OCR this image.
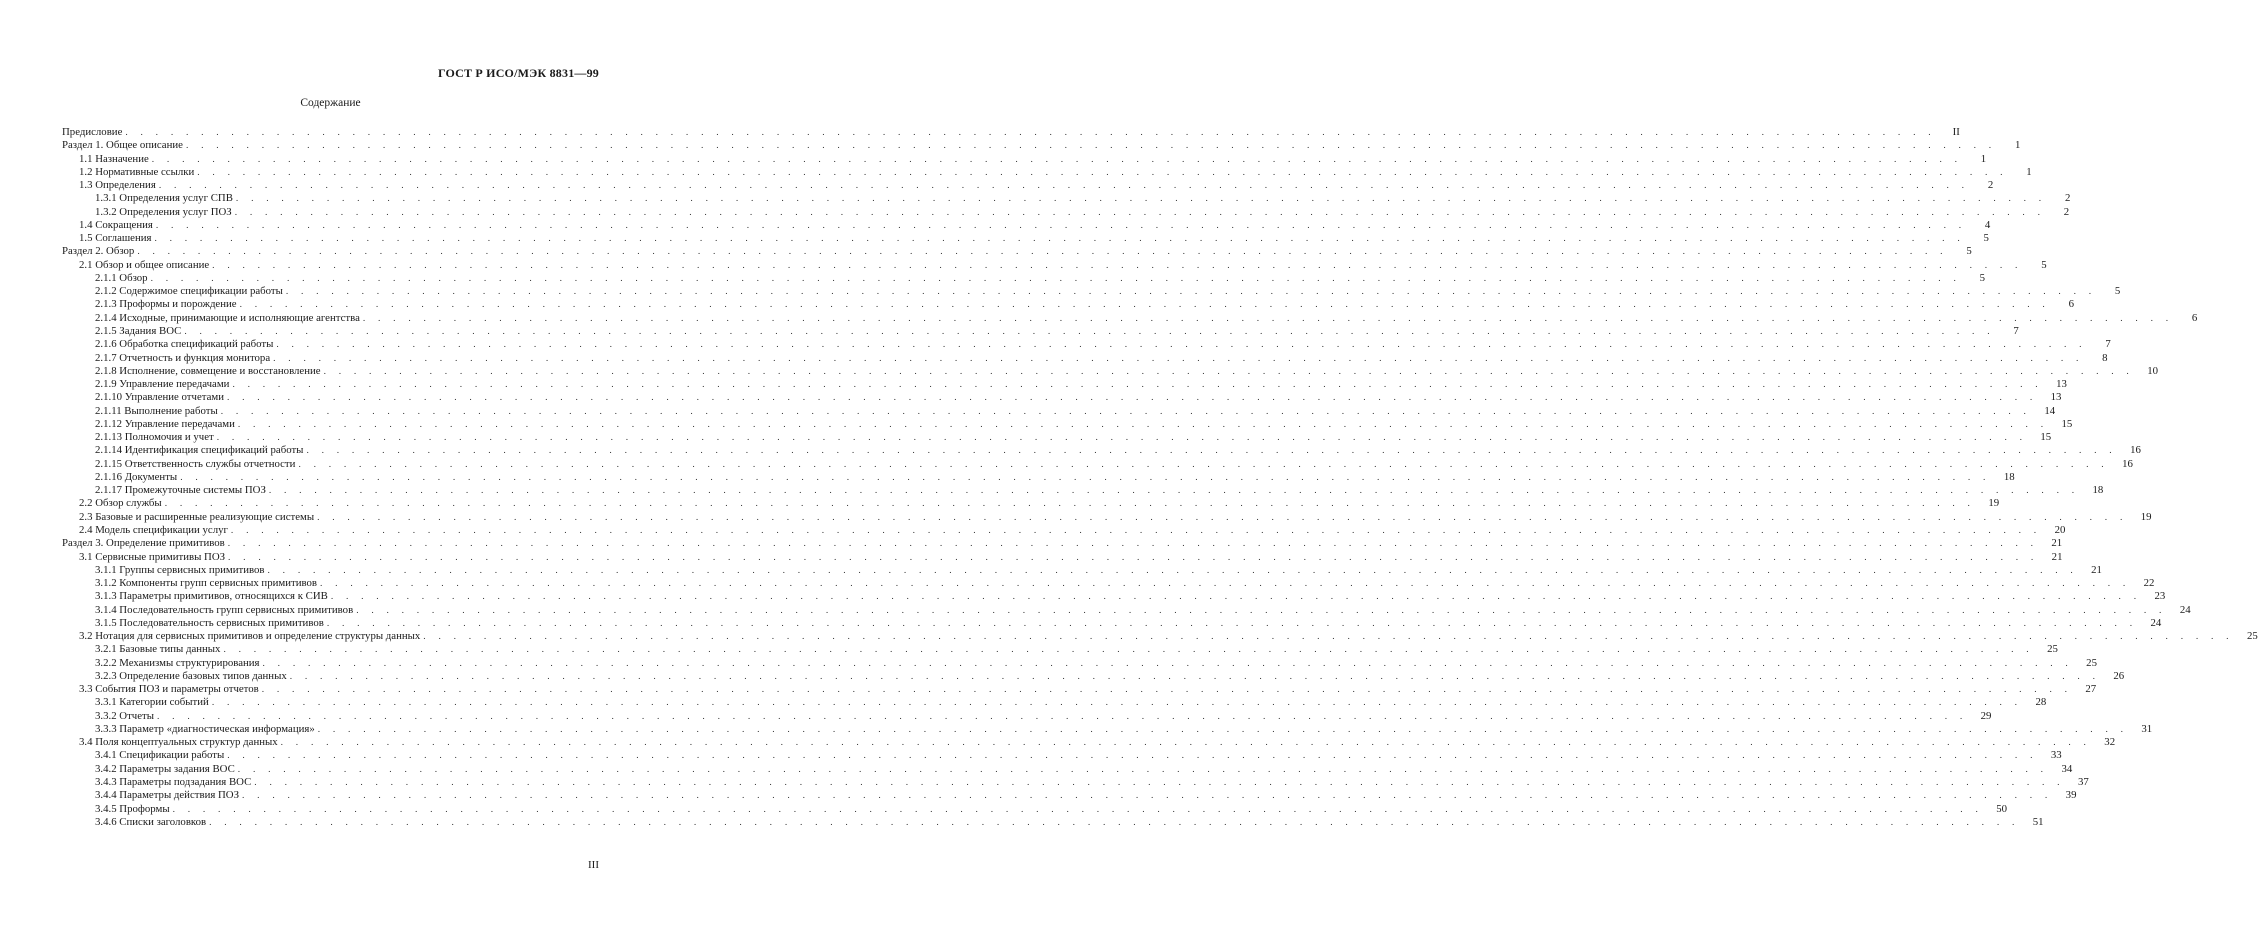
ГОСТ Р ИСО/МЭК 8831—99
Содержание
Предисловие . . . . . . . . . . . . . . . . . . . . . . . . . . . . . . . . . . . . . . . . . . . . . . . . . . . . . . . . . . . . . . . . . . . . . . . . . . . . . . . . . . . . . . . . . . . . . . . . . . . . . . . . . . . . . . . . . . . . . . . .	II
Раздел 1. Общее описание . . . . . . . . . . . . . . . . . . . . . . . . . . . . . . . . . . . . . . . . . . . . . . . . . . . . . . . . . . . . . . . . . . . . . . . . . . . . . . . . . . . . . . . . . . . . . . . . . . . . . . . . . . . . . . . . . . . . . . . .	1
1.1 Назначение . . . . . . . . . . . . . . . . . . . . . . . . . . . . . . . . . . . . . . . . . . . . . . . . . . . . . . . . . . . . . . . . . . . . . . . . . . . . . . . . . . . . . . . . . . . . . . . . . . . . . . . . . . . . . . . . . . . . . . . .	1
1.2 Нормативные ссылки . . . . . . . . . . . . . . . . . . . . . . . . . . . . . . . . . . . . . . . . . . . . . . . . . . . . . . . . . . . . . . . . . . . . . . . . . . . . . . . . . . . . . . . . . . . . . . . . . . . . . . . . . . . . . . . . . . . . . . . .	1
1.3 Определения . . . . . . . . . . . . . . . . . . . . . . . . . . . . . . . . . . . . . . . . . . . . . . . . . . . . . . . . . . . . . . . . . . . . . . . . . . . . . . . . . . . . . . . . . . . . . . . . . . . . . . . . . . . . . . . . . . . . . . . .	2
1.3.1 Определения услуг СПВ . . . . . . . . . . . . . . . . . . . . . . . . . . . . . . . . . . . . . . . . . . . . . . . . . . . . . . . . . . . . . . . . . . . . . . . . . . . . . . . . . . . . . . . . . . . . . . . . . . . . . . . . . . . . . . . . . . . . . . . .	2
1.3.2 Определения услуг ПОЗ . . . . . . . . . . . . . . . . . . . . . . . . . . . . . . . . . . . . . . . . . . . . . . . . . . . . . . . . . . . . . . . . . . . . . . . . . . . . . . . . . . . . . . . . . . . . . . . . . . . . . . . . . . . . . . . . . . . . . . . .	2
1.4 Сокращения . . . . . . . . . . . . . . . . . . . . . . . . . . . . . . . . . . . . . . . . . . . . . . . . . . . . . . . . . . . . . . . . . . . . . . . . . . . . . . . . . . . . . . . . . . . . . . . . . . . . . . . . . . . . . . . . . . . . . . . .	4
1.5 Соглашения . . . . . . . . . . . . . . . . . . . . . . . . . . . . . . . . . . . . . . . . . . . . . . . . . . . . . . . . . . . . . . . . . . . . . . . . . . . . . . . . . . . . . . . . . . . . . . . . . . . . . . . . . . . . . . . . . . . . . . . .	5
Раздел 2. Обзор . . . . . . . . . . . . . . . . . . . . . . . . . . . . . . . . . . . . . . . . . . . . . . . . . . . . . . . . . . . . . . . . . . . . . . . . . . . . . . . . . . . . . . . . . . . . . . . . . . . . . . . . . . . . . . . . . . . . . . . .	5
2.1 Обзор и общее описание . . . . . . . . . . . . . . . . . . . . . . . . . . . . . . . . . . . . . . . . . . . . . . . . . . . . . . . . . . . . . . . . . . . . . . . . . . . . . . . . . . . . . . . . . . . . . . . . . . . . . . . . . . . . . . . . . . . . . . . .	5
2.1.1 Обзор . . . . . . . . . . . . . . . . . . . . . . . . . . . . . . . . . . . . . . . . . . . . . . . . . . . . . . . . . . . . . . . . . . . . . . . . . . . . . . . . . . . . . . . . . . . . . . . . . . . . . . . . . . . . . . . . . . . . . . . .	5
2.1.2 Содержимое спецификации работы . . . . . . . . . . . . . . . . . . . . . . . . . . . . . . . . . . . . . . . . . . . . . . . . . . . . . . . . . . . . . . . . . . . . . . . . . . . . . . . . . . . . . . . . . . . . . . . . . . . . . . . . . . . . . . . . . . . . . . . .	5
2.1.3 Проформы и порождение . . . . . . . . . . . . . . . . . . . . . . . . . . . . . . . . . . . . . . . . . . . . . . . . . . . . . . . . . . . . . . . . . . . . . . . . . . . . . . . . . . . . . . . . . . . . . . . . . . . . . . . . . . . . . . . . . . . . . . . .	6
2.1.4 Исходные, принимающие и исполняющие агентства . . . . . . . . . . . . . . . . . . . . . . . . . . . . . . . . . . . . . . . . . . . . . . . . . . . . . . . . . . . . . . . . . . . . . . . . . . . . . . . . . . . . . . . . . . . . . . . . . . . . . . . . . . . . . . . . . . . . . . . .	6
2.1.5 Задания ВОС . . . . . . . . . . . . . . . . . . . . . . . . . . . . . . . . . . . . . . . . . . . . . . . . . . . . . . . . . . . . . . . . . . . . . . . . . . . . . . . . . . . . . . . . . . . . . . . . . . . . . . . . . . . . . . . . . . . . . . . .	7
2.1.6 Обработка спецификаций работы . . . . . . . . . . . . . . . . . . . . . . . . . . . . . . . . . . . . . . . . . . . . . . . . . . . . . . . . . . . . . . . . . . . . . . . . . . . . . . . . . . . . . . . . . . . . . . . . . . . . . . . . . . . . . . . . . . . . . . . .	7
2.1.7 Отчетность и функция монитора . . . . . . . . . . . . . . . . . . . . . . . . . . . . . . . . . . . . . . . . . . . . . . . . . . . . . . . . . . . . . . . . . . . . . . . . . . . . . . . . . . . . . . . . . . . . . . . . . . . . . . . . . . . . . . . . . . . . . . . .	8
2.1.8 Исполнение, совмещение и восстановление . . . . . . . . . . . . . . . . . . . . . . . . . . . . . . . . . . . . . . . . . . . . . . . . . . . . . . . . . . . . . . . . . . . . . . . . . . . . . . . . . . . . . . . . . . . . . . . . . . . . . . . . . . . . . . . . . . . . . . . .	10
2.1.9 Управление передачами . . . . . . . . . . . . . . . . . . . . . . . . . . . . . . . . . . . . . . . . . . . . . . . . . . . . . . . . . . . . . . . . . . . . . . . . . . . . . . . . . . . . . . . . . . . . . . . . . . . . . . . . . . . . . . . . . . . . . . . .	13
2.1.10 Управление отчетами . . . . . . . . . . . . . . . . . . . . . . . . . . . . . . . . . . . . . . . . . . . . . . . . . . . . . . . . . . . . . . . . . . . . . . . . . . . . . . . . . . . . . . . . . . . . . . . . . . . . . . . . . . . . . . . . . . . . . . . .	13
2.1.11 Выполнение работы . . . . . . . . . . . . . . . . . . . . . . . . . . . . . . . . . . . . . . . . . . . . . . . . . . . . . . . . . . . . . . . . . . . . . . . . . . . . . . . . . . . . . . . . . . . . . . . . . . . . . . . . . . . . . . . . . . . . . . . .	14
2.1.12 Управление передачами . . . . . . . . . . . . . . . . . . . . . . . . . . . . . . . . . . . . . . . . . . . . . . . . . . . . . . . . . . . . . . . . . . . . . . . . . . . . . . . . . . . . . . . . . . . . . . . . . . . . . . . . . . . . . . . . . . . . . . . .	15
2.1.13 Полномочия и учет . . . . . . . . . . . . . . . . . . . . . . . . . . . . . . . . . . . . . . . . . . . . . . . . . . . . . . . . . . . . . . . . . . . . . . . . . . . . . . . . . . . . . . . . . . . . . . . . . . . . . . . . . . . . . . . . . . . . . . . .	15
2.1.14 Идентификация спецификаций работы . . . . . . . . . . . . . . . . . . . . . . . . . . . . . . . . . . . . . . . . . . . . . . . . . . . . . . . . . . . . . . . . . . . . . . . . . . . . . . . . . . . . . . . . . . . . . . . . . . . . . . . . . . . . . . . . . . . . . . . .	16
2.1.15 Ответственность службы отчетности . . . . . . . . . . . . . . . . . . . . . . . . . . . . . . . . . . . . . . . . . . . . . . . . . . . . . . . . . . . . . . . . . . . . . . . . . . . . . . . . . . . . . . . . . . . . . . . . . . . . . . . . . . . . . . . . . . . . . . . .	16
2.1.16 Документы . . . . . . . . . . . . . . . . . . . . . . . . . . . . . . . . . . . . . . . . . . . . . . . . . . . . . . . . . . . . . . . . . . . . . . . . . . . . . . . . . . . . . . . . . . . . . . . . . . . . . . . . . . . . . . . . . . . . . . . .	18
2.1.17 Промежуточные системы ПОЗ . . . . . . . . . . . . . . . . . . . . . . . . . . . . . . . . . . . . . . . . . . . . . . . . . . . . . . . . . . . . . . . . . . . . . . . . . . . . . . . . . . . . . . . . . . . . . . . . . . . . . . . . . . . . . . . . . . . . . . . .	18
2.2 Обзор службы . . . . . . . . . . . . . . . . . . . . . . . . . . . . . . . . . . . . . . . . . . . . . . . . . . . . . . . . . . . . . . . . . . . . . . . . . . . . . . . . . . . . . . . . . . . . . . . . . . . . . . . . . . . . . . . . . . . . . . . .	19
2.3 Базовые и расширенные реализующие системы . . . . . . . . . . . . . . . . . . . . . . . . . . . . . . . . . . . . . . . . . . . . . . . . . . . . . . . . . . . . . . . . . . . . . . . . . . . . . . . . . . . . . . . . . . . . . . . . . . . . . . . . . . . . . . . . . . . . . . . .	19
2.4 Модель спецификации услуг . . . . . . . . . . . . . . . . . . . . . . . . . . . . . . . . . . . . . . . . . . . . . . . . . . . . . . . . . . . . . . . . . . . . . . . . . . . . . . . . . . . . . . . . . . . . . . . . . . . . . . . . . . . . . . . . . . . . . . . .	20
Раздел 3. Определение примитивов . . . . . . . . . . . . . . . . . . . . . . . . . . . . . . . . . . . . . . . . . . . . . . . . . . . . . . . . . . . . . . . . . . . . . . . . . . . . . . . . . . . . . . . . . . . . . . . . . . . . . . . . . . . . . . . . . . . . . . . .	21
3.1 Сервисные примитивы ПОЗ . . . . . . . . . . . . . . . . . . . . . . . . . . . . . . . . . . . . . . . . . . . . . . . . . . . . . . . . . . . . . . . . . . . . . . . . . . . . . . . . . . . . . . . . . . . . . . . . . . . . . . . . . . . . . . . . . . . . . . . .	21
3.1.1 Группы сервисных примитивов . . . . . . . . . . . . . . . . . . . . . . . . . . . . . . . . . . . . . . . . . . . . . . . . . . . . . . . . . . . . . . . . . . . . . . . . . . . . . . . . . . . . . . . . . . . . . . . . . . . . . . . . . . . . . . . . . . . . . . . .	21
3.1.2 Компоненты групп сервисных примитивов . . . . . . . . . . . . . . . . . . . . . . . . . . . . . . . . . . . . . . . . . . . . . . . . . . . . . . . . . . . . . . . . . . . . . . . . . . . . . . . . . . . . . . . . . . . . . . . . . . . . . . . . . . . . . . . . . . . . . . . .	22
3.1.3 Параметры примитивов, относящихся к СИВ . . . . . . . . . . . . . . . . . . . . . . . . . . . . . . . . . . . . . . . . . . . . . . . . . . . . . . . . . . . . . . . . . . . . . . . . . . . . . . . . . . . . . . . . . . . . . . . . . . . . . . . . . . . . . . . . . . . . . . . .	23
3.1.4 Последовательность групп сервисных примитивов . . . . . . . . . . . . . . . . . . . . . . . . . . . . . . . . . . . . . . . . . . . . . . . . . . . . . . . . . . . . . . . . . . . . . . . . . . . . . . . . . . . . . . . . . . . . . . . . . . . . . . . . . . . . . . . . . . . . . . . .	24
3.1.5 Последовательность сервисных примитивов . . . . . . . . . . . . . . . . . . . . . . . . . . . . . . . . . . . . . . . . . . . . . . . . . . . . . . . . . . . . . . . . . . . . . . . . . . . . . . . . . . . . . . . . . . . . . . . . . . . . . . . . . . . . . . . . . . . . . . . .	24
3.2 Нотация для сервисных примитивов и определение структуры данных . . . . . . . . . . . . . . . . . . . . . . . . . . . . . . . . . . . . . . . . . . . . . . . . . . . . . . . . . . . . . . . . . . . . . . . . . . . . . . . . . . . . . . . . . . . . . . . . . . . . . . . . . . . . . . . . . . . . . . . .	25
3.2.1 Базовые типы данных . . . . . . . . . . . . . . . . . . . . . . . . . . . . . . . . . . . . . . . . . . . . . . . . . . . . . . . . . . . . . . . . . . . . . . . . . . . . . . . . . . . . . . . . . . . . . . . . . . . . . . . . . . . . . . . . . . . . . . . .	25
3.2.2 Механизмы структурирования . . . . . . . . . . . . . . . . . . . . . . . . . . . . . . . . . . . . . . . . . . . . . . . . . . . . . . . . . . . . . . . . . . . . . . . . . . . . . . . . . . . . . . . . . . . . . . . . . . . . . . . . . . . . . . . . . . . . . . . .	25
3.2.3 Определение базовых типов данных . . . . . . . . . . . . . . . . . . . . . . . . . . . . . . . . . . . . . . . . . . . . . . . . . . . . . . . . . . . . . . . . . . . . . . . . . . . . . . . . . . . . . . . . . . . . . . . . . . . . . . . . . . . . . . . . . . . . . . . .	26
3.3 События ПОЗ и параметры отчетов . . . . . . . . . . . . . . . . . . . . . . . . . . . . . . . . . . . . . . . . . . . . . . . . . . . . . . . . . . . . . . . . . . . . . . . . . . . . . . . . . . . . . . . . . . . . . . . . . . . . . . . . . . . . . . . . . . . . . . . .	27
3.3.1 Категории событий . . . . . . . . . . . . . . . . . . . . . . . . . . . . . . . . . . . . . . . . . . . . . . . . . . . . . . . . . . . . . . . . . . . . . . . . . . . . . . . . . . . . . . . . . . . . . . . . . . . . . . . . . . . . . . . . . . . . . . . .	28
3.3.2 Отчеты . . . . . . . . . . . . . . . . . . . . . . . . . . . . . . . . . . . . . . . . . . . . . . . . . . . . . . . . . . . . . . . . . . . . . . . . . . . . . . . . . . . . . . . . . . . . . . . . . . . . . . . . . . . . . . . . . . . . . . . .	29
3.3.3 Параметр «диагностическая информация» . . . . . . . . . . . . . . . . . . . . . . . . . . . . . . . . . . . . . . . . . . . . . . . . . . . . . . . . . . . . . . . . . . . . . . . . . . . . . . . . . . . . . . . . . . . . . . . . . . . . . . . . . . . . . . . . . . . . . . . .	31
3.4 Поля концептуальных структур данных . . . . . . . . . . . . . . . . . . . . . . . . . . . . . . . . . . . . . . . . . . . . . . . . . . . . . . . . . . . . . . . . . . . . . . . . . . . . . . . . . . . . . . . . . . . . . . . . . . . . . . . . . . . . . . . . . . . . . . . .	32
3.4.1 Спецификации работы . . . . . . . . . . . . . . . . . . . . . . . . . . . . . . . . . . . . . . . . . . . . . . . . . . . . . . . . . . . . . . . . . . . . . . . . . . . . . . . . . . . . . . . . . . . . . . . . . . . . . . . . . . . . . . . . . . . . . . . .	33
3.4.2 Параметры задания ВОС . . . . . . . . . . . . . . . . . . . . . . . . . . . . . . . . . . . . . . . . . . . . . . . . . . . . . . . . . . . . . . . . . . . . . . . . . . . . . . . . . . . . . . . . . . . . . . . . . . . . . . . . . . . . . . . . . . . . . . . .	34
3.4.3 Параметры подзадания ВОС . . . . . . . . . . . . . . . . . . . . . . . . . . . . . . . . . . . . . . . . . . . . . . . . . . . . . . . . . . . . . . . . . . . . . . . . . . . . . . . . . . . . . . . . . . . . . . . . . . . . . . . . . . . . . . . . . . . . . . . .	37
3.4.4 Параметры действия ПОЗ . . . . . . . . . . . . . . . . . . . . . . . . . . . . . . . . . . . . . . . . . . . . . . . . . . . . . . . . . . . . . . . . . . . . . . . . . . . . . . . . . . . . . . . . . . . . . . . . . . . . . . . . . . . . . . . . . . . . . . . .	39
3.4.5 Проформы . . . . . . . . . . . . . . . . . . . . . . . . . . . . . . . . . . . . . . . . . . . . . . . . . . . . . . . . . . . . . . . . . . . . . . . . . . . . . . . . . . . . . . . . . . . . . . . . . . . . . . . . . . . . . . . . . . . . . . . .	50
3.4.6 Списки заголовков . . . . . . . . . . . . . . . . . . . . . . . . . . . . . . . . . . . . . . . . . . . . . . . . . . . . . . . . . . . . . . . . . . . . . . . . . . . . . . . . . . . . . . . . . . . . . . . . . . . . . . . . . . . . . . . . . . . . . . . .	51
III
